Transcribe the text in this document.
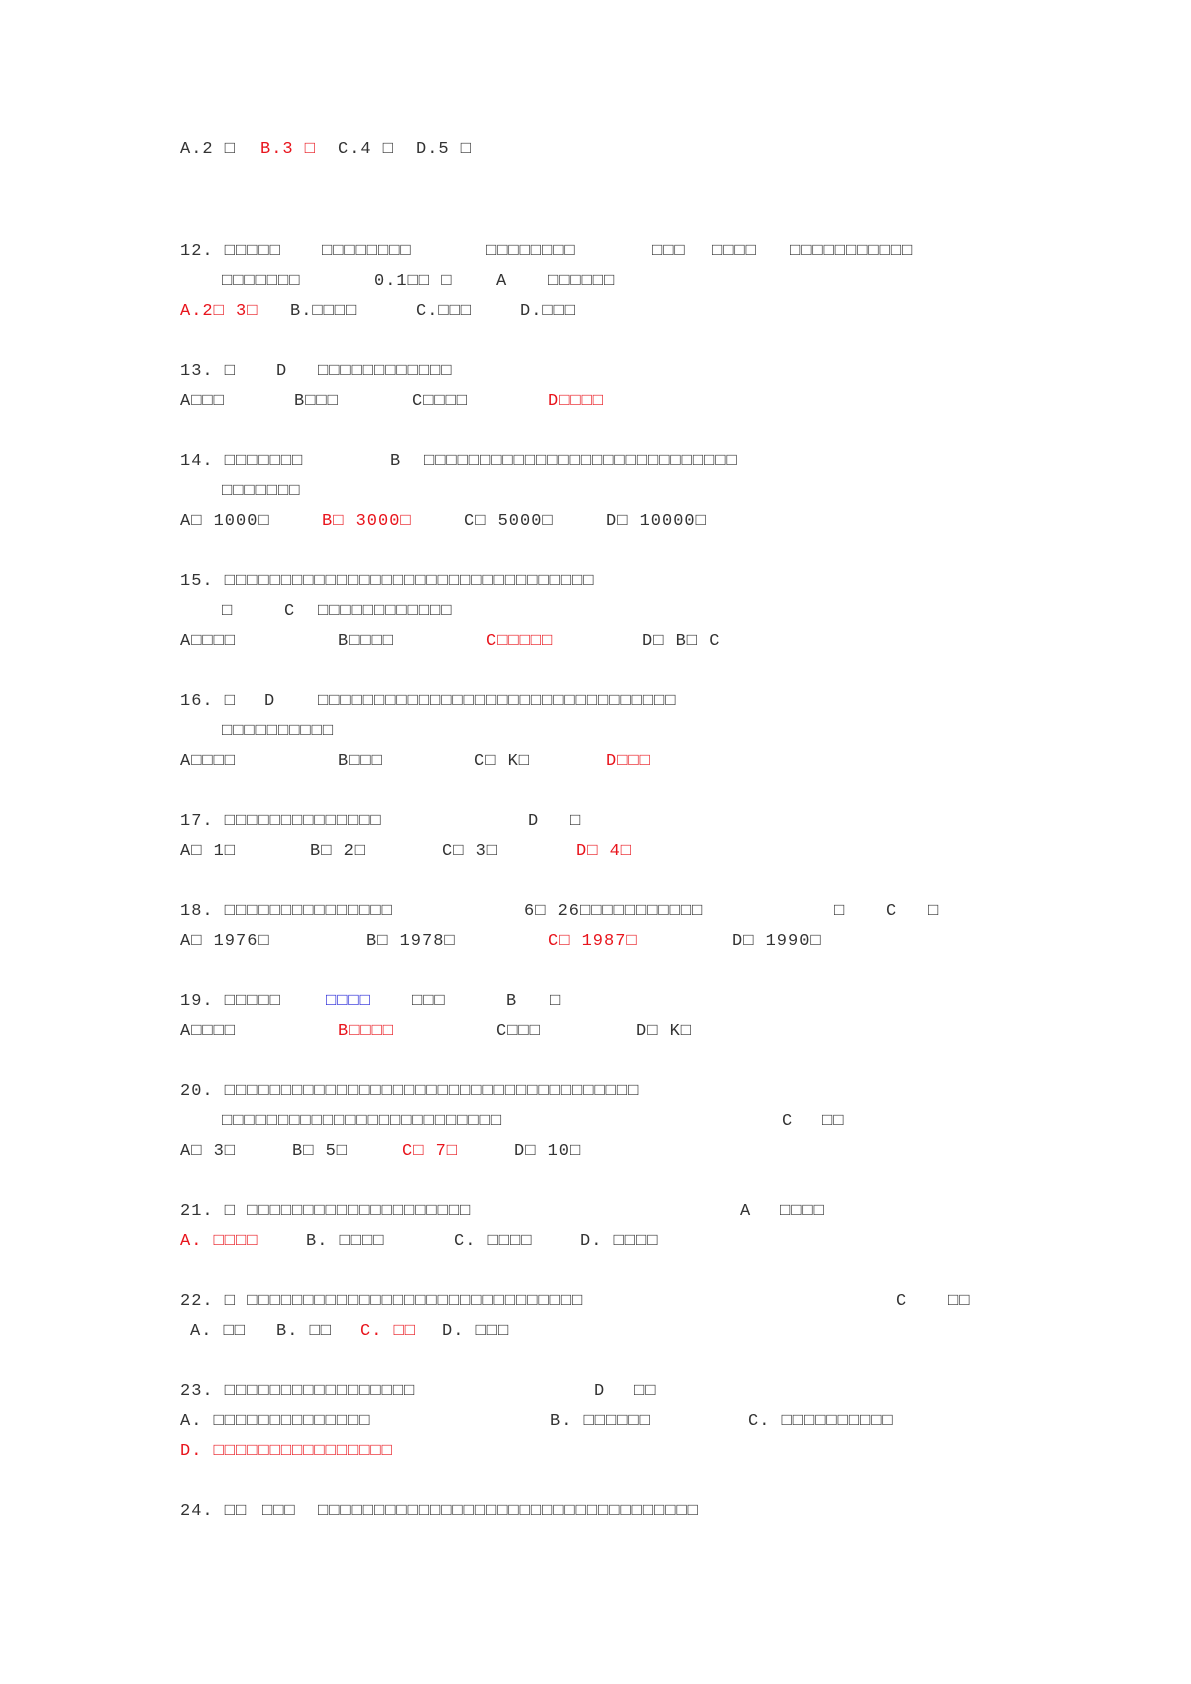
A.2 □ B.3 □ C.4 □ D.5 □
12. □□□□□ □□□□□□□□	□□□□□□□□	□□□ □□□□ □□□□□□□□□□□
□□□□□□□	0.1□□ □	A □□□□□□
A.2□ 3□ B.□□□□	C.□□□	D.□□□
13. □ D □□□□□□□□□□□□
A□□□	B□□□	C□□□□	D□□□□
14. □□□□□□□	B □□□□□□□□□□□□□□□□□□□□□□□□□□□□
□□□□□□□
A□ 1000□	B□ 3000□	C□ 5000□	D□ 10000□
15. □□□□□□□□□□□□□□□□□□□□□□□□□□□□□□□□□
□	C □□□□□□□□□□□□
A□□□□	B□□□□	C□□□□□	D□ B□ C
16. □ D	□□□□□□□□□□□□□□□□□□□□□□□□□□□□□□□□
□□□□□□□□□□
A□□□□	B□□□	C□ K□	D□□□
17. □□□□□□□□□□□□□□	D □
A□ 1□	B□ 2□	C□ 3□	D□ 4□
18. □□□□□□□□□□□□□□□	6□ 26□□□□□□□□□□□	□ C □
A□ 1976□	B□ 1978□	C□ 1987□	D□ 1990□
19. □□□□□	□□□□ □□□	B □
A□□□□	B□□□□	C□□□	D□ K□
20. □□□□□□□□□□□□□□□□□□□□□□□□□□□□□□□□□□□□□
□□□□□□□□□□□□□□□□□□□□□□□□□	C □□
A□ 3□	B□ 5□	C□ 7□	D□ 10□
21. □ □□□□□□□□□□□□□□□□□□□□	A □□□□
A. □□□□	B. □□□□	C. □□□□	D. □□□□
22. □ □□□□□□□□□□□□□□□□□□□□□□□□□□□□□□	C □□
A. □□ B. □□ C. □□ D. □□□
23. □□□□□□□□□□□□□□□□□	D □□
A. □□□□□□□□□□□□□□	B. □□□□□□	C. □□□□□□□□□□
D. □□□□□□□□□□□□□□□□
24. □□ □□□ □□□□□□□□□□□□□□□□□□□□□□□□□□□□□□□□□□
